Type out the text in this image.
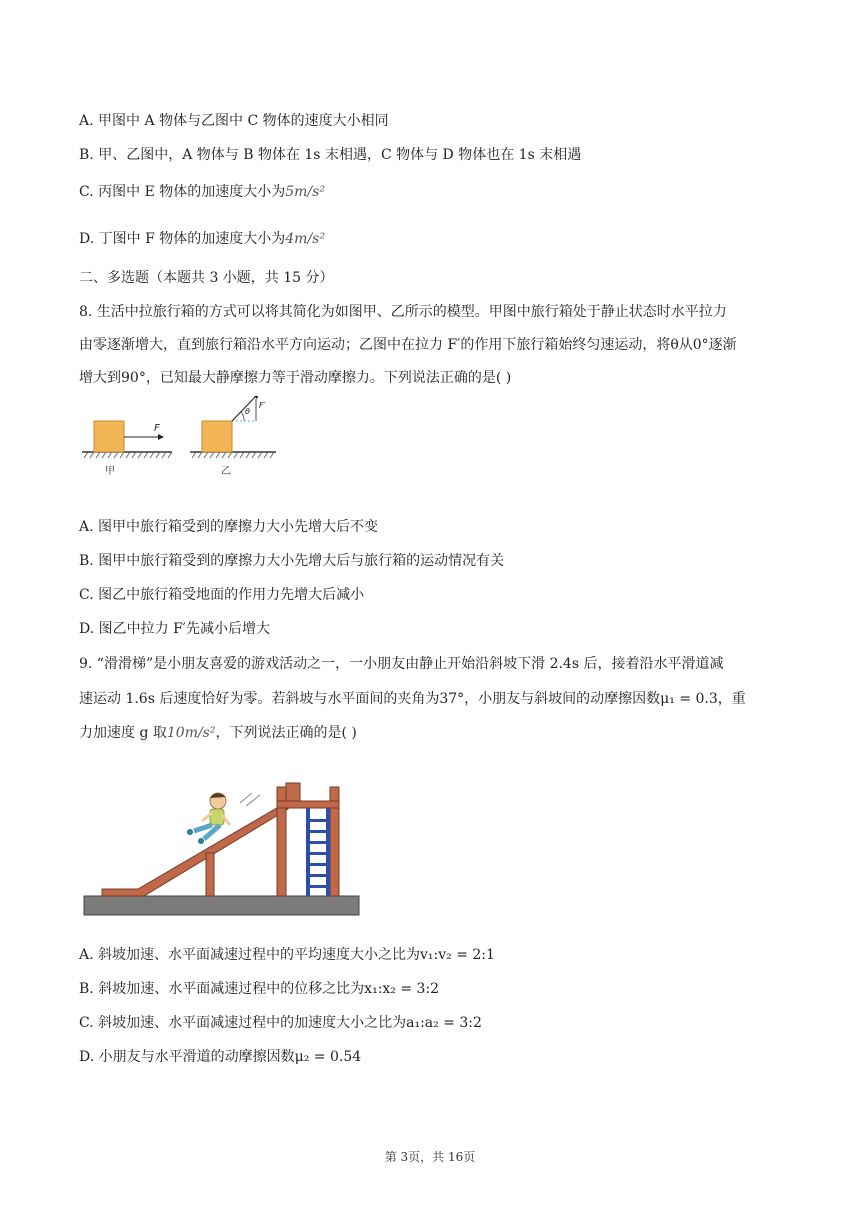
A. 甲图中 A 物体与乙图中 C 物体的速度大小相同
B. 甲、乙图中，A 物体与 B 物体在 1s 末相遇，C 物体与 D 物体也在 1s 末相遇
C. 丙图中 E 物体的加速度大小为5m/s²
D. 丁图中 F 物体的加速度大小为4m/s²
二、多选题（本题共 3 小题，共 15 分）
8. 生活中拉旅行箱的方式可以将其简化为如图甲、乙所示的模型。甲图中旅行箱处于静止状态时水平拉力
由零逐渐增大，直到旅行箱沿水平方向运动；乙图中在拉力 F′的作用下旅行箱始终匀速运动，将θ从0°逐渐
增大到90°，已知最大静摩擦力等于滑动摩擦力。下列说法正确的是( )
F
甲
θ
F′
乙
A. 图甲中旅行箱受到的摩擦力大小先增大后不变
B. 图甲中旅行箱受到的摩擦力大小先增大后与旅行箱的运动情况有关
C. 图乙中旅行箱受地面的作用力先增大后减小
D. 图乙中拉力 F′先减小后增大
9. “滑滑梯”是小朋友喜爱的游戏活动之一，一小朋友由静止开始沿斜坡下滑 2.4s 后，接着沿水平滑道减
速运动 1.6s 后速度恰好为零。若斜坡与水平面间的夹角为37°，小朋友与斜坡间的动摩擦因数μ₁ = 0.3，重
力加速度 g 取10m/s²，下列说法正确的是( )
A. 斜坡加速、水平面减速过程中的平均速度大小之比为v₁:v₂ = 2:1
B. 斜坡加速、水平面减速过程中的位移之比为x₁:x₂ = 3:2
C. 斜坡加速、水平面减速过程中的加速度大小之比为a₁:a₂ = 3:2
D. 小朋友与水平滑道的动摩擦因数μ₂ = 0.54
第 3页，共 16页
